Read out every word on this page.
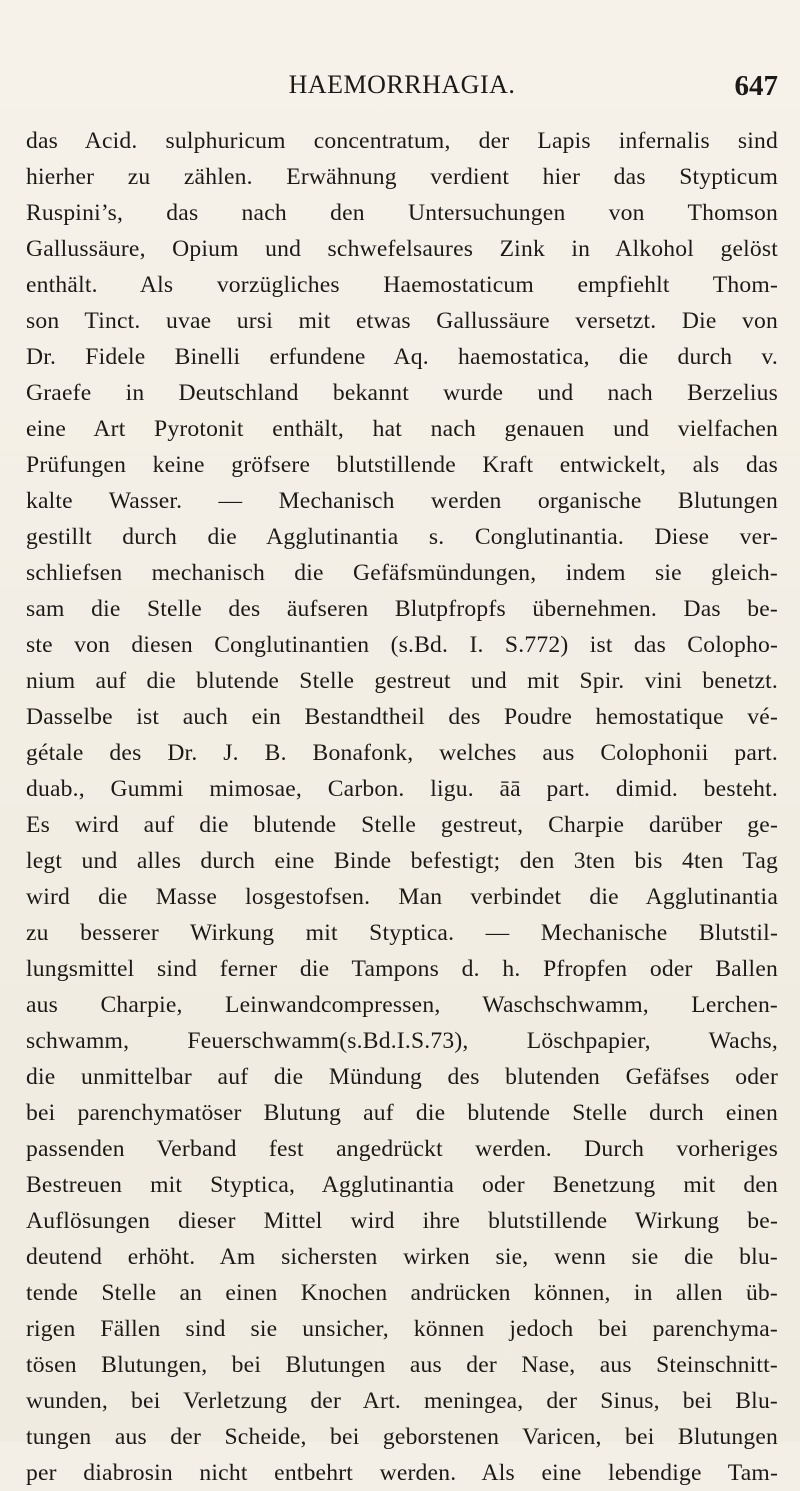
HAEMORRHAGIA.	647
das Acid. sulphuricum concentratum, der Lapis infernalis sind
hierher zu zählen. Erwähnung verdient hier das Stypticum
Ruspini’s, das nach den Untersuchungen von Thomson
Gallussäure, Opium und schwefelsaures Zink in Alkohol gelöst
enthält. Als vorzügliches Haemostaticum empfiehlt Thom-
son Tinct. uvae ursi mit etwas Gallussäure versetzt. Die von
Dr. Fidele Binelli erfundene Aq. haemostatica, die durch v.
Graefe in Deutschland bekannt wurde und nach Berzelius
eine Art Pyrotonit enthält, hat nach genauen und vielfachen
Prüfungen keine gröfsere blutstillende Kraft entwickelt, als das
kalte Wasser. — Mechanisch werden organische Blutungen
gestillt durch die Agglutinantia s. Conglutinantia. Diese ver-
schliefsen mechanisch die Gefäfsmündungen, indem sie gleich-
sam die Stelle des äufseren Blutpfropfs übernehmen. Das be-
ste von diesen Conglutinantien (s.Bd. I. S.772) ist das Colopho-
nium auf die blutende Stelle gestreut und mit Spir. vini benetzt.
Dasselbe ist auch ein Bestandtheil des Poudre hemostatique vé-
gétale des Dr. J. B. Bonafonk, welches aus Colophonii part.
duab., Gummi mimosae, Carbon. ligu. āā part. dimid. besteht.
Es wird auf die blutende Stelle gestreut, Charpie darüber ge-
legt und alles durch eine Binde befestigt; den 3ten bis 4ten Tag
wird die Masse losgestofsen. Man verbindet die Agglutinantia
zu besserer Wirkung mit Styptica. — Mechanische Blutstil-
lungsmittel sind ferner die Tampons d. h. Pfropfen oder Ballen
aus Charpie, Leinwandcompressen, Waschschwamm, Lerchen-
schwamm, Feuerschwamm(s.Bd.I.S.73), Löschpapier, Wachs,
die unmittelbar auf die Mündung des blutenden Gefäfses oder
bei parenchymatöser Blutung auf die blutende Stelle durch einen
passenden Verband fest angedrückt werden. Durch vorheriges
Bestreuen mit Styptica, Agglutinantia oder Benetzung mit den
Auflösungen dieser Mittel wird ihre blutstillende Wirkung be-
deutend erhöht. Am sichersten wirken sie, wenn sie die blu-
tende Stelle an einen Knochen andrücken können, in allen üb-
rigen Fällen sind sie unsicher, können jedoch bei parenchyma-
tösen Blutungen, bei Blutungen aus der Nase, aus Steinschnitt-
wunden, bei Verletzung der Art. meningea, der Sinus, bei Blu-
tungen aus der Scheide, bei geborstenen Varicen, bei Blutungen
per diabrosin nicht entbehrt werden. Als eine lebendige Tam-
